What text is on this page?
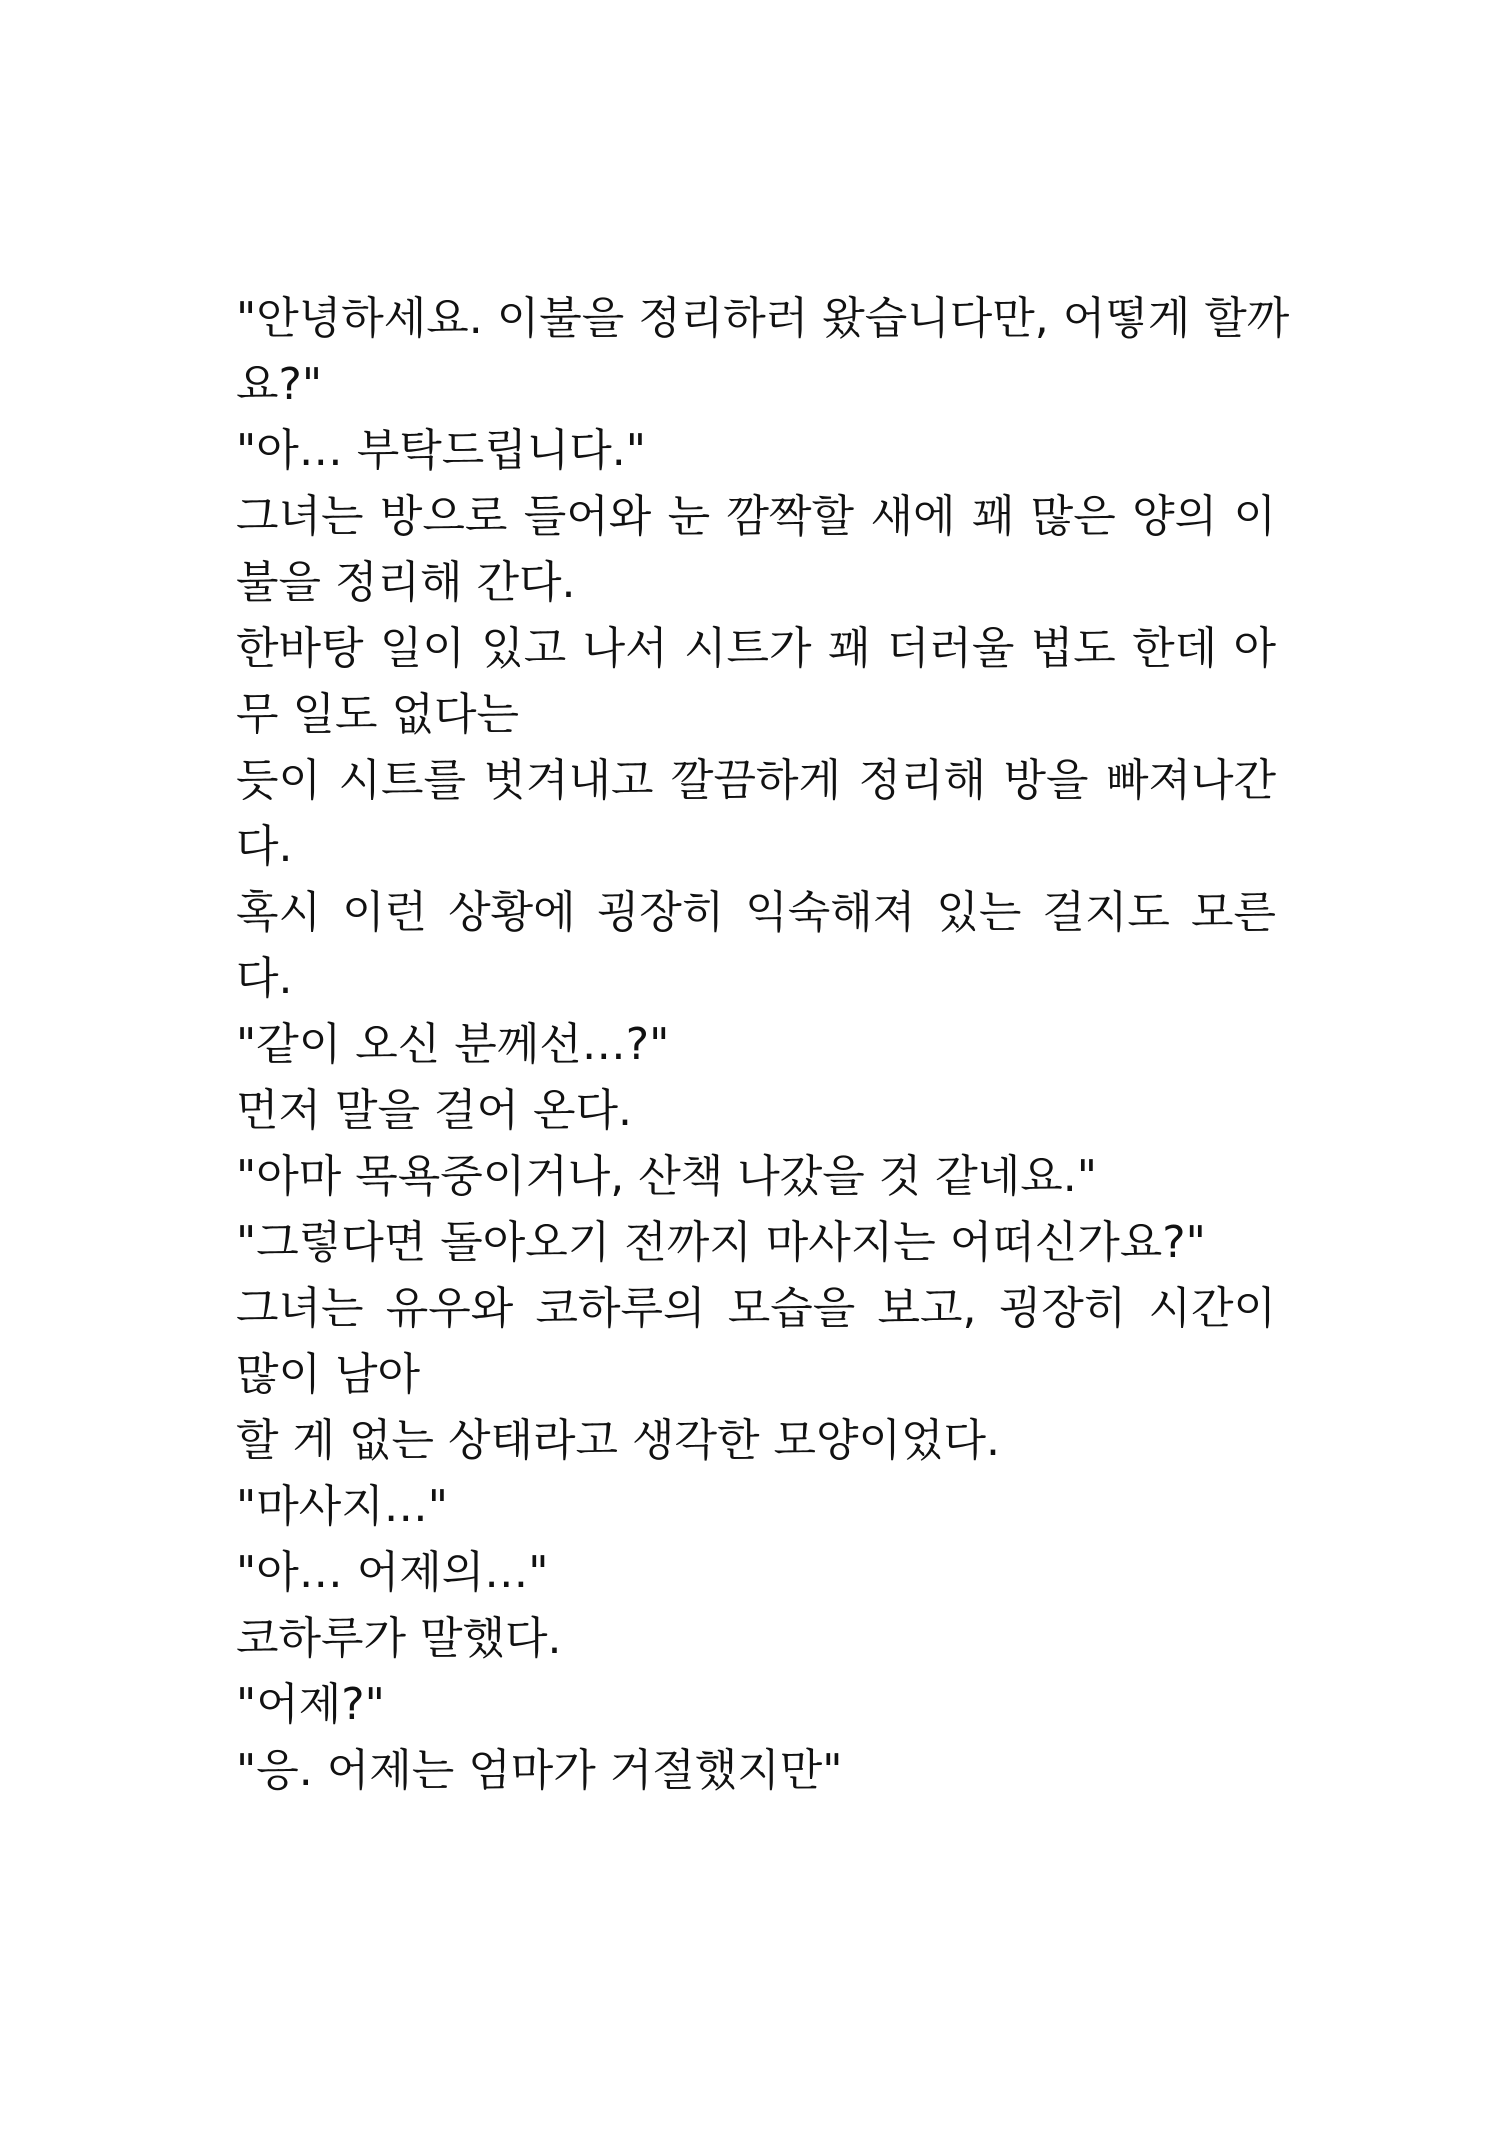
"안녕하세요. 이불을 정리하러 왔습니다만, 어떻게 할까
요?"
"아… 부탁드립니다."
그녀는 방으로 들어와 눈 깜짝할 새에 꽤 많은 양의 이
불을 정리해 간다.
한바탕 일이 있고 나서 시트가 꽤 더러울 법도 한데 아
무 일도 없다는
듯이 시트를 벗겨내고 깔끔하게 정리해 방을 빠져나간
다.
혹시 이런 상황에 굉장히 익숙해져 있는 걸지도 모른
다.
"같이 오신 분께선…?"
먼저 말을 걸어 온다.
"아마 목욕중이거나, 산책 나갔을 것 같네요."
"그렇다면 돌아오기 전까지 마사지는 어떠신가요?"
그녀는 유우와 코하루의 모습을 보고, 굉장히 시간이
많이 남아
할 게 없는 상태라고 생각한 모양이었다.
"마사지…"
"아… 어제의…"
코하루가 말했다.
"어제?"
"응. 어제는 엄마가 거절했지만"
